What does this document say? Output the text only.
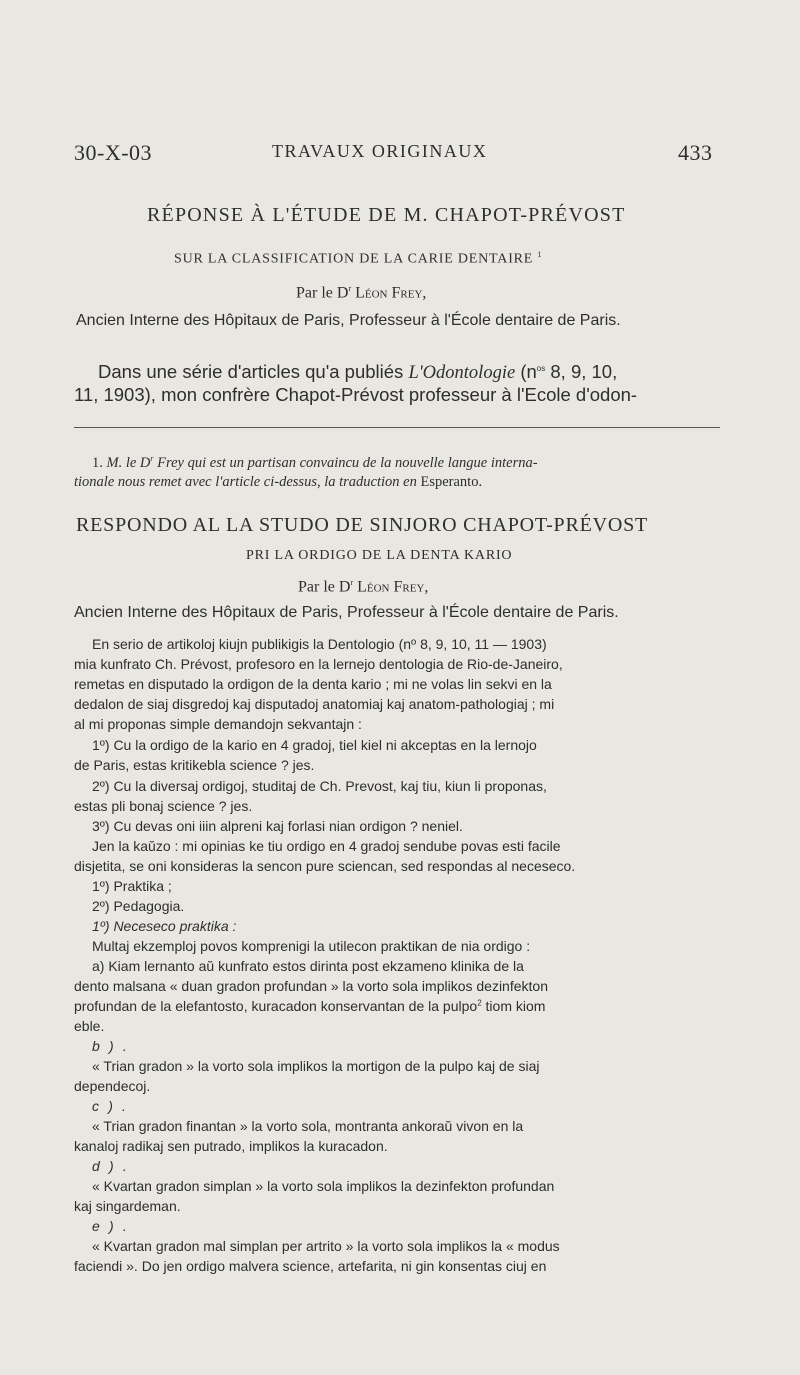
30-X-03	TRAVAUX ORIGINAUX	433
RÉPONSE À L'ÉTUDE DE M. CHAPOT-PRÉVOST
SUR LA CLASSIFICATION DE LA CARIE DENTAIRE $^1$
Par le $D^r$ Léon Frey,
Ancien Interne des Hôpitaux de Paris, Professeur à l'École dentaire de Paris.
Dans une série d'articles qu'a publiés L'Odontologie ($n^{os}$ 8, 9, 10,
11, 1903), mon confrère Chapot-Prévost professeur à l'Ecole d'odon-
1. M. le $D^r$ Frey qui est un partisan convaincu de la nouvelle langue interna-
tionale nous remet avec l'article ci-dessus, la traduction en Esperanto.
RESPONDO AL LA STUDO DE SINJORO CHAPOT-PRÉVOST
PRI LA ORDIGO DE LA DENTA KARIO
Par le $D^r$ Léon Frey,
Ancien Interne des Hôpitaux de Paris, Professeur à l'École dentaire de Paris.
En serio de artikoloj kiujn publikigis la Dentologio (nº 8, 9, 10, 11 — 1903)
mia kunfrato Ch. Prévost, profesoro en la lernejo dentologia de Rio-de-Janeiro,
remetas en disputado la ordigon de la denta kario ; mi ne volas lin sekvi en la
dedalon de siaj disgredoj kaj disputadoj anatomiaj kaj anatom-pathologiaj ; mi
al mi proponas simple demandojn sekvantajn :
1º) Cu la ordigo de la kario en 4 gradoj, tiel kiel ni akceptas en la lernojo
de Paris, estas kritikebla science ? jes.
2º) Cu la diversaj ordigoj, studitaj de Ch. Prevost, kaj tiu, kiun li proponas,
estas pli bonaj science ? jes.
3º) Cu devas oni iiin alpreni kaj forlasi nian ordigon ? neniel.
Jen la kaŭzo : mi opinias ke tiu ordigo en 4 gradoj sendube povas esti facile
disjetita, se oni konsideras la sencon pure sciencan, sed respondas al neceseco.
1º) Praktika ;
2º) Pedagogia.
1º) Neceseco praktika :
Multaj ekzemploj povos komprenigi la utilecon praktikan de nia ordigo :
a) Kiam lernanto aŭ kunfrato estos dirinta post ekzameno klinika de la
dento malsana « duan gradon profundan » la vorto sola implikos dezinfekton
profundan de la elefantosto, kuracadon konservantan de la pulpo$^2$ tiom kiom
eble.
b).
« Trian gradon » la vorto sola implikos la mortigon de la pulpo kaj de siaj
dependecoj.
c).
« Trian gradon finantan » la vorto sola, montranta ankoraŭ vivon en la
kanaloj radikaj sen putrado, implikos la kuracadon.
d).
« Kvartan gradon simplan » la vorto sola implikos la dezinfekton profundan
kaj singardeman.
e).
« Kvartan gradon mal simplan per artrito » la vorto sola implikos la « modus
faciendi ». Do jen ordigo malvera science, artefarita, ni gin konsentas ciuj en
